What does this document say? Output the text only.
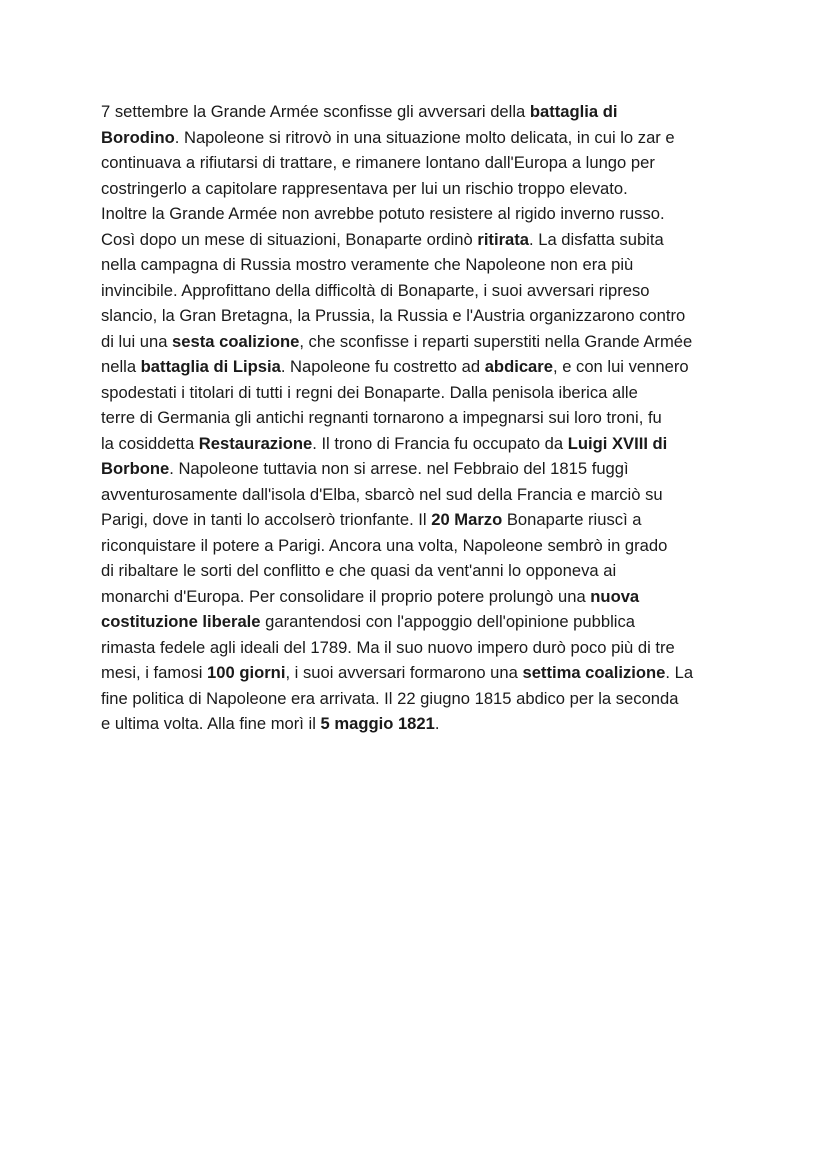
7 settembre la Grande Armée sconfisse gli avversari della battaglia di
Borodino. Napoleone si ritrovò in una situazione molto delicata, in cui lo zar e
continuava a rifiutarsi di trattare, e rimanere lontano dall'Europa a lungo per
costringerlo a capitolare rappresentava per lui un rischio troppo elevato.
Inoltre la Grande Armée non avrebbe potuto resistere al rigido inverno russo.
Così dopo un mese di situazioni, Bonaparte ordinò ritirata. La disfatta subita
nella campagna di Russia mostro veramente che Napoleone non era più
invincibile. Approfittano della difficoltà di Bonaparte, i suoi avversari ripreso
slancio, la Gran Bretagna, la Prussia, la Russia e l'Austria organizzarono contro
di lui una sesta coalizione, che sconfisse i reparti superstiti nella Grande Armée
nella battaglia di Lipsia. Napoleone fu costretto ad abdicare, e con lui vennero
spodestati i titolari di tutti i regni dei Bonaparte. Dalla penisola iberica alle
terre di Germania gli antichi regnanti tornarono a impegnarsi sui loro troni, fu
la cosiddetta Restaurazione. Il trono di Francia fu occupato da Luigi XVIII di
Borbone. Napoleone tuttavia non si arrese. nel Febbraio del 1815 fuggì
avventurosamente dall'isola d'Elba, sbarcò nel sud della Francia e marciò su
Parigi, dove in tanti lo accolserò trionfante. Il 20 Marzo Bonaparte riuscì a
riconquistare il potere a Parigi. Ancora una volta, Napoleone sembrò in grado
di ribaltare le sorti del conflitto e che quasi da vent'anni lo opponeva ai
monarchi d'Europa. Per consolidare il proprio potere prolungò una nuova
costituzione liberale garantendosi con l'appoggio dell'opinione pubblica
rimasta fedele agli ideali del 1789. Ma il suo nuovo impero durò poco più di tre
mesi, i famosi 100 giorni, i suoi avversari formarono una settima coalizione. La
fine politica di Napoleone era arrivata. Il 22 giugno 1815 abdico per la seconda
e ultima volta. Alla fine morì il 5 maggio 1821.
